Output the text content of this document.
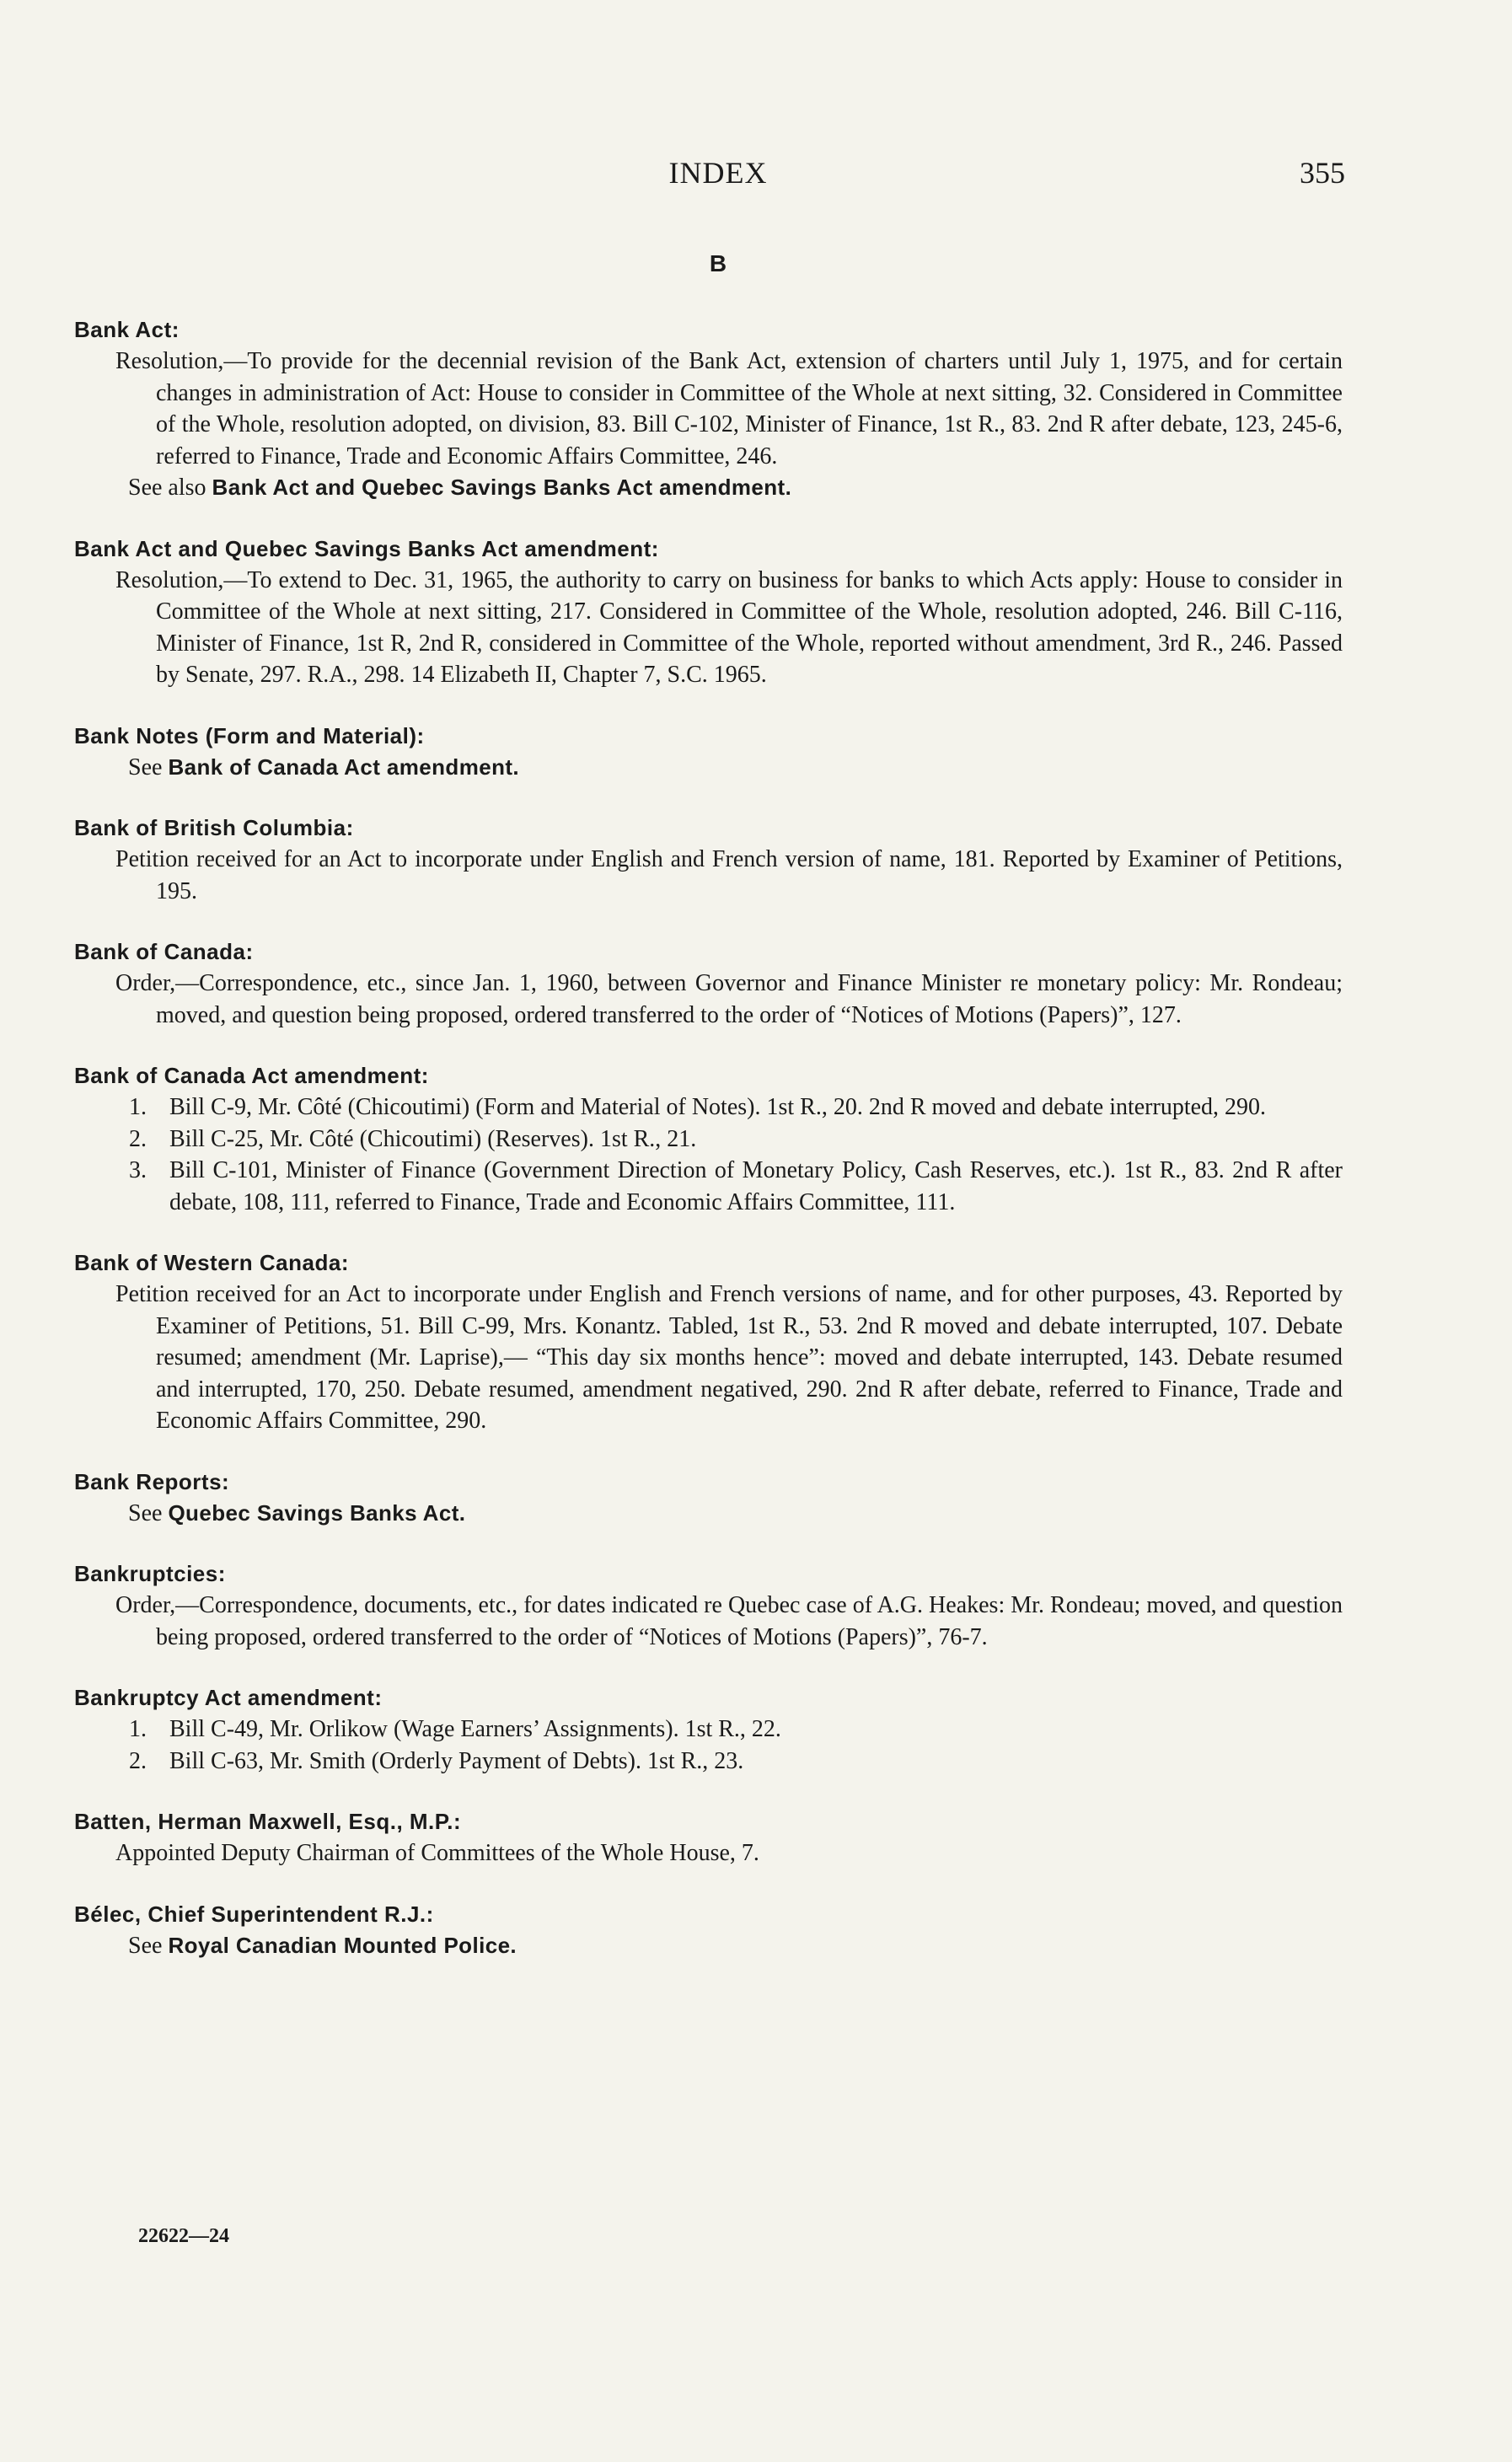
INDEX	355
B
Bank Act:
Resolution,—To provide for the decennial revision of the Bank Act, extension of charters until July 1, 1975, and for certain changes in administration of Act: House to consider in Committee of the Whole at next sitting, 32. Considered in Committee of the Whole, resolution adopted, on division, 83. Bill C-102, Minister of Finance, 1st R., 83. 2nd R after debate, 123, 245-6, referred to Finance, Trade and Economic Affairs Committee, 246.
See also Bank Act and Quebec Savings Banks Act amendment.
Bank Act and Quebec Savings Banks Act amendment:
Resolution,—To extend to Dec. 31, 1965, the authority to carry on business for banks to which Acts apply: House to consider in Committee of the Whole at next sitting, 217. Considered in Committee of the Whole, resolution adopted, 246. Bill C-116, Minister of Finance, 1st R, 2nd R, considered in Committee of the Whole, reported without amendment, 3rd R., 246. Passed by Senate, 297. R.A., 298. 14 Elizabeth II, Chapter 7, S.C. 1965.
Bank Notes (Form and Material):
See Bank of Canada Act amendment.
Bank of British Columbia:
Petition received for an Act to incorporate under English and French version of name, 181. Reported by Examiner of Petitions, 195.
Bank of Canada:
Order,—Correspondence, etc., since Jan. 1, 1960, between Governor and Finance Minister re monetary policy: Mr. Rondeau; moved, and question being proposed, ordered transferred to the order of “Notices of Motions (Papers)”, 127.
Bank of Canada Act amendment:
1. Bill C-9, Mr. Côté (Chicoutimi) (Form and Material of Notes). 1st R., 20. 2nd R moved and debate interrupted, 290.
2. Bill C-25, Mr. Côté (Chicoutimi) (Reserves). 1st R., 21.
3. Bill C-101, Minister of Finance (Government Direction of Monetary Policy, Cash Reserves, etc.). 1st R., 83. 2nd R after debate, 108, 111, referred to Finance, Trade and Economic Affairs Committee, 111.
Bank of Western Canada:
Petition received for an Act to incorporate under English and French versions of name, and for other purposes, 43. Reported by Examiner of Petitions, 51. Bill C-99, Mrs. Konantz. Tabled, 1st R., 53. 2nd R moved and debate interrupted, 107. Debate resumed; amendment (Mr. Laprise),— “This day six months hence”: moved and debate interrupted, 143. Debate resumed and interrupted, 170, 250. Debate resumed, amendment negatived, 290. 2nd R after debate, referred to Finance, Trade and Economic Affairs Committee, 290.
Bank Reports:
See Quebec Savings Banks Act.
Bankruptcies:
Order,—Correspondence, documents, etc., for dates indicated re Quebec case of A.G. Heakes: Mr. Rondeau; moved, and question being proposed, ordered transferred to the order of “Notices of Motions (Papers)”, 76-7.
Bankruptcy Act amendment:
1. Bill C-49, Mr. Orlikow (Wage Earners’ Assignments). 1st R., 22.
2. Bill C-63, Mr. Smith (Orderly Payment of Debts). 1st R., 23.
Batten, Herman Maxwell, Esq., M.P.:
Appointed Deputy Chairman of Committees of the Whole House, 7.
Bélec, Chief Superintendent R.J.:
See Royal Canadian Mounted Police.
22622—24
